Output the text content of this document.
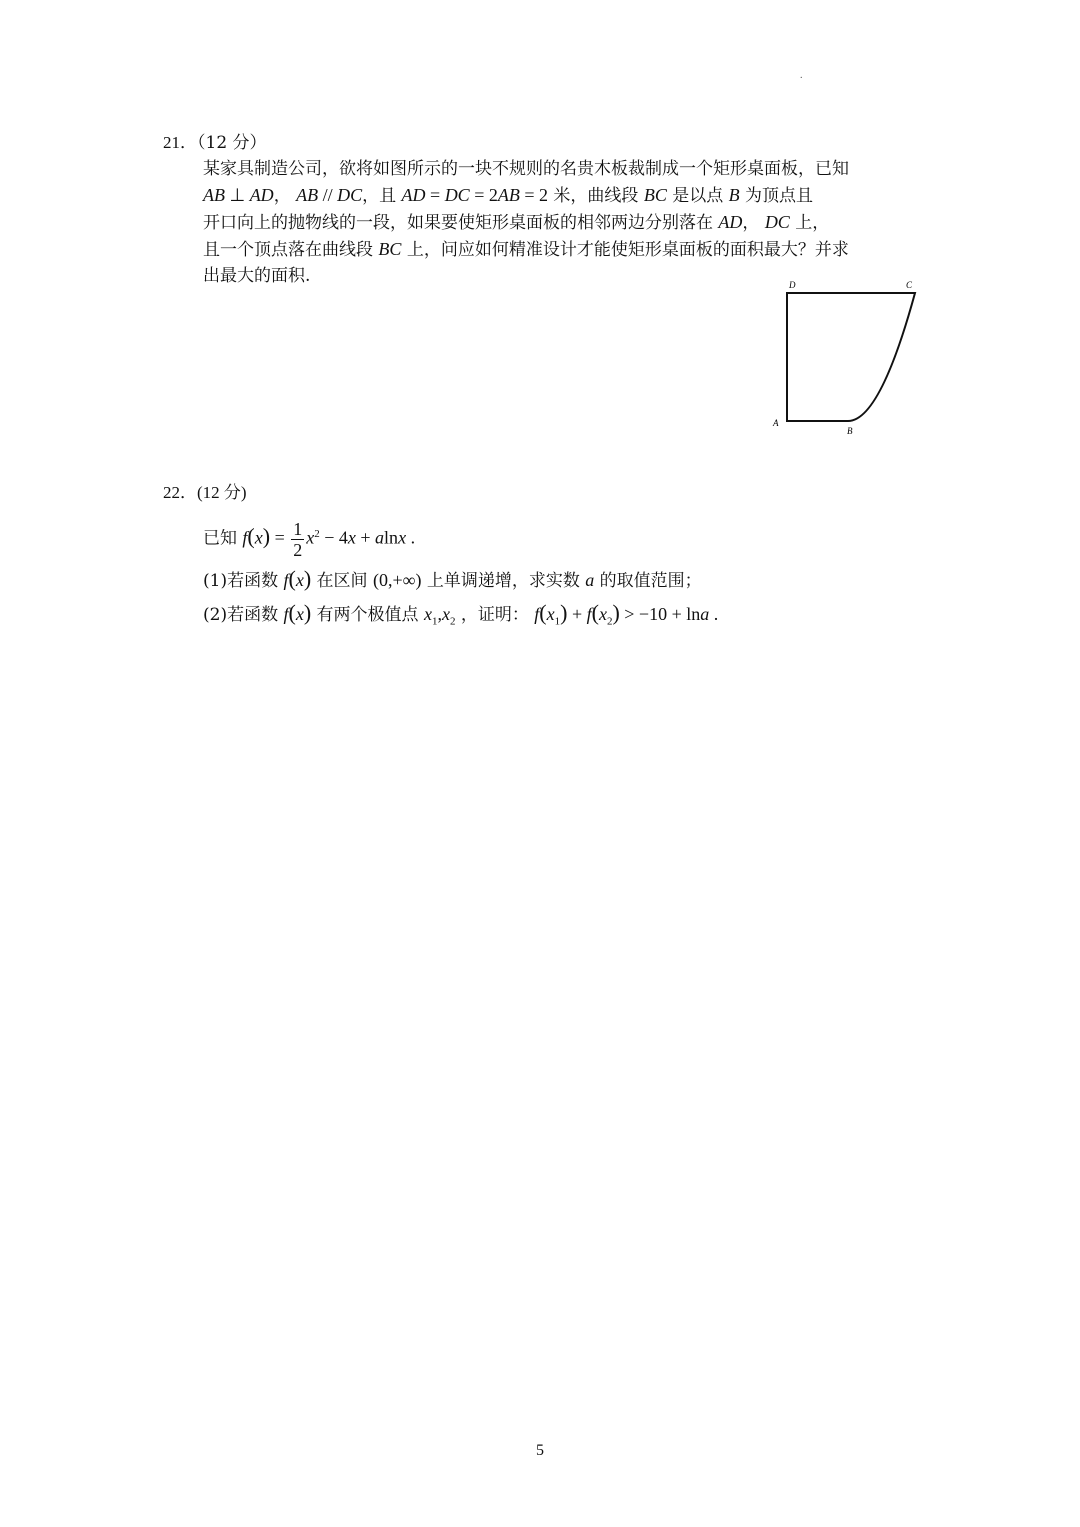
.
21．（12 分）
某家具制造公司，欲将如图所示的一块不规则的名贵木板裁制成一个矩形桌面板，已知
AB ⊥ AD， AB // DC，且 AD = DC = 2AB = 2 米，曲线段 BC 是以点 B 为顶点且
开口向上的抛物线的一段，如果要使矩形桌面板的相邻两边分别落在 AD， DC 上，
且一个顶点落在曲线段 BC 上，问应如何精准设计才能使矩形桌面板的面积最大？并求
出最大的面积.	D	C
A
B
22．(12 分)
已知 $f(x) = \frac{1}{2} x^2 - 4x + alnx$ .
(1)若函数 f(x) 在区间 (0,+∞) 上单调递增，求实数 a 的取值范围；
(2)若函数 f(x) 有两个极值点 $x_1,x_2$ ，证明： $f(x_1) + f(x_2) > -10 + \ln a$ .
5
